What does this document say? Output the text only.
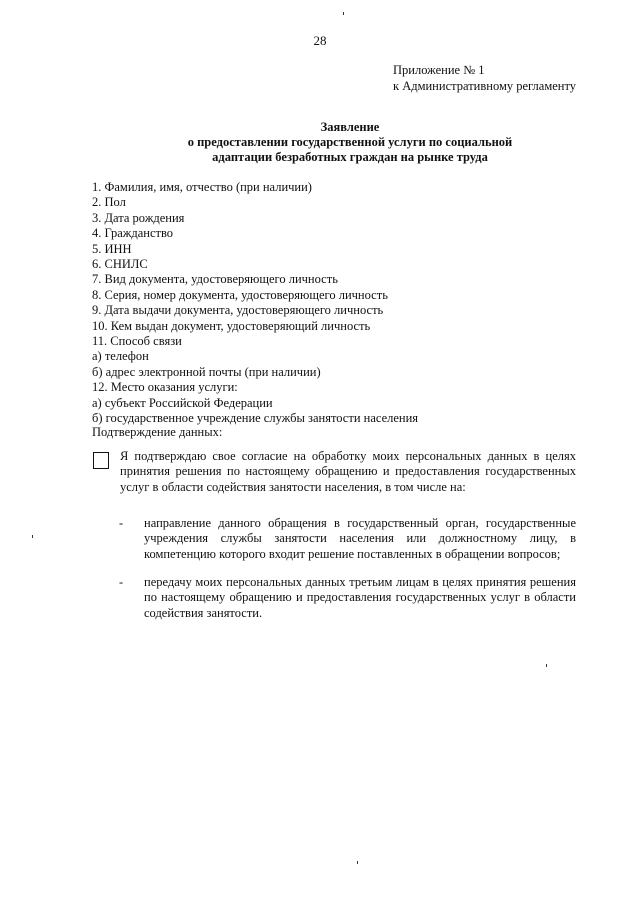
28
Приложение № 1
к Административному регламенту
Заявление
о предоставлении государственной услуги по социальной
адаптации безработных граждан на рынке труда
1. Фамилия, имя, отчество (при наличии)
2. Пол
3. Дата рождения
4. Гражданство
5. ИНН
6. СНИЛС
7. Вид документа, удостоверяющего личность
8. Серия, номер документа, удостоверяющего личность
9. Дата выдачи документа, удостоверяющего личность
10. Кем выдан документ, удостоверяющий личность
11. Способ связи
а) телефон
б) адрес электронной почты (при наличии)
12. Место оказания услуги:
а) субъект Российской Федерации
б) государственное учреждение службы занятости населения
Подтверждение данных:
Я подтверждаю свое согласие на обработку моих персональных данных в целях принятия решения по настоящему обращению и предоставления государственных услуг в области содействия занятости населения, в том числе на:
- направление данного обращения в государственный орган, государственные учреждения службы занятости населения или должностному лицу, в компетенцию которого входит решение поставленных в обращении вопросов;
- передачу моих персональных данных третьим лицам в целях принятия решения по настоящему обращению и предоставления государственных услуг в области содействия занятости.
